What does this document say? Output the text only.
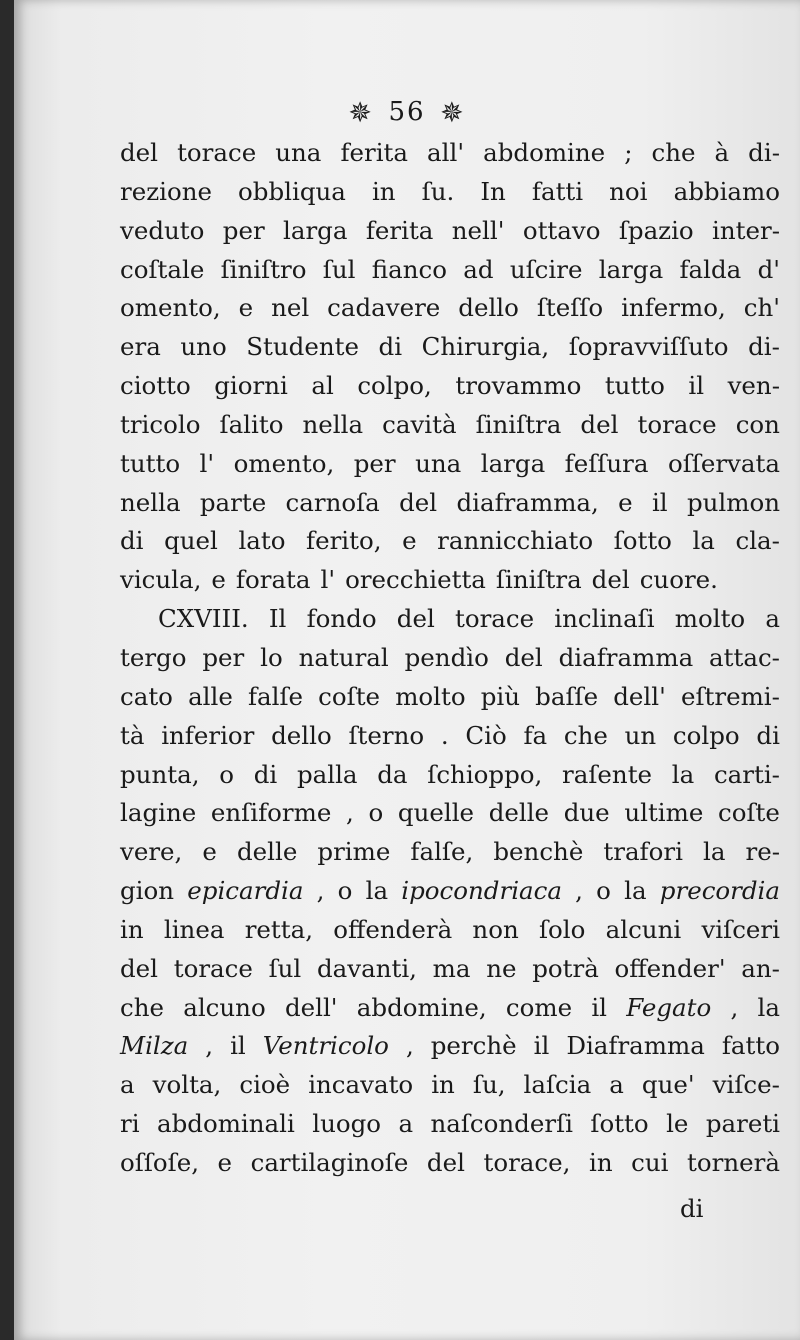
✵ 56 ✵
del torace una ferita all' abdomine ; che à di-
rezione obbliqua in ſu. In fatti noi abbiamo
veduto per larga ferita nell' ottavo ſpazio inter-
coſtale ſiniſtro ſul fianco ad uſcire larga falda d'
omento, e nel cadavere dello ſteſſo infermo, ch'
era uno Studente di Chirurgia, ſopravviſſuto di-
ciotto giorni al colpo, trovammo tutto il ven-
tricolo ſalito nella cavità ſiniſtra del torace con
tutto l' omento, per una larga feſſura oſſervata
nella parte carnoſa del diaframma, e il pulmon
di quel lato ferito, e rannicchiato ſotto la cla-
vicula, e forata l' orecchietta ſiniſtra del cuore.
CXVIII. Il fondo del torace inclinaſi molto a
tergo per lo natural pendìo del diaframma attac-
cato alle falſe coſte molto più baſſe dell' eſtremi-
tà inferior dello ſterno . Ciò fa che un colpo di
punta, o di palla da ſchioppo, raſente la carti-
lagine enſiforme , o quelle delle due ultime coſte
vere, e delle prime falſe, benchè trafori la re-
gion epicardia , o la ipocondriaca , o la precordia
in linea retta, offenderà non ſolo alcuni viſceri
del torace ſul davanti, ma ne potrà offender' an-
che alcuno dell' abdomine, come il Fegato , la
Milza , il Ventricolo , perchè il Diaframma fatto
a volta, cioè incavato in ſu, laſcia a que' viſce-
ri abdominali luogo a naſconderſi ſotto le pareti
oſſoſe, e cartilaginoſe del torace, in cui tornerà
di
